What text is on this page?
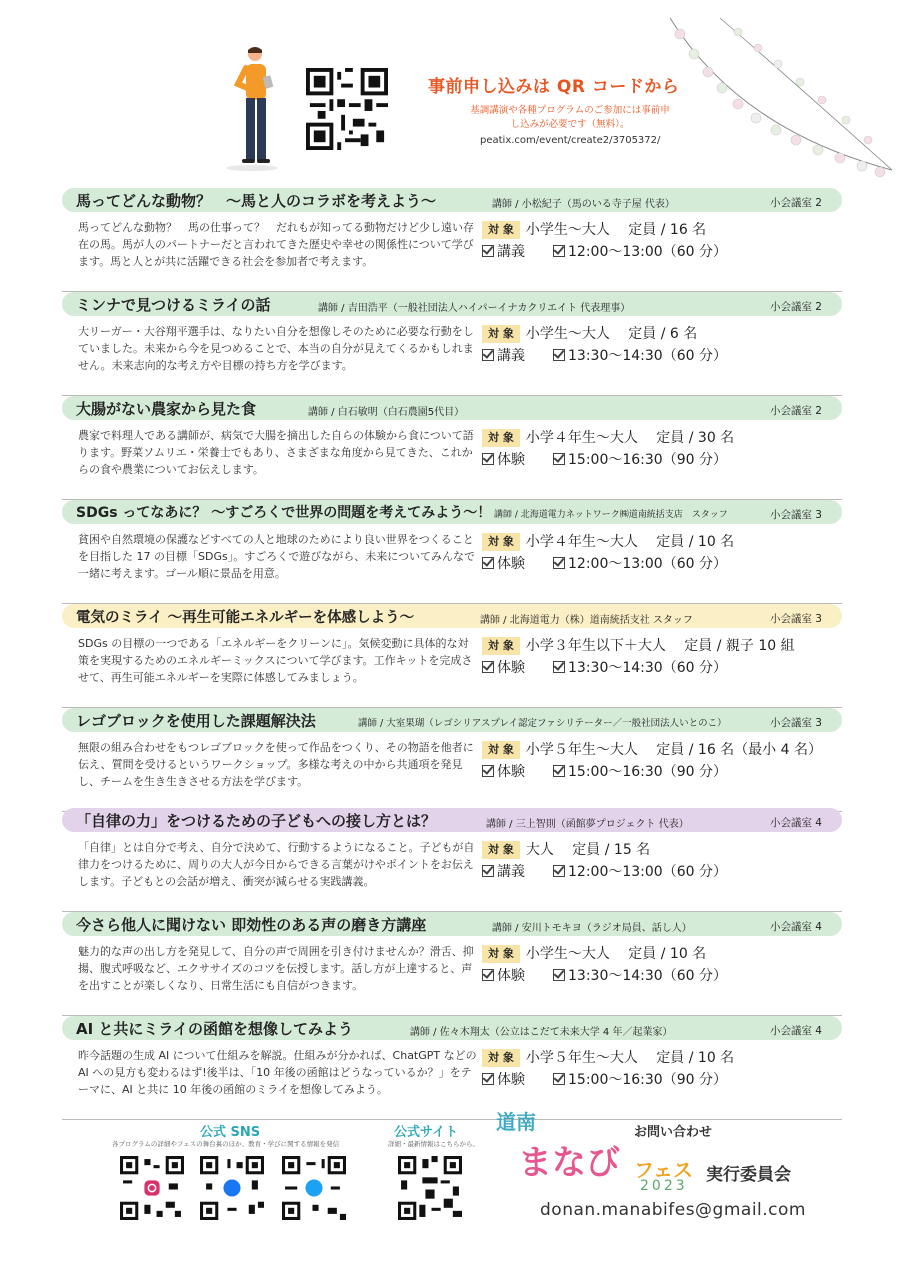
事前申し込みは QR コードから
基調講演や各種プログラムのご参加には事前申し込みが必要です（無料）。
peatix.com/event/create2/3705372/
馬ってどんな動物？　〜馬と人のコラボを考えよう〜	講師 / 小松紀子（馬のいる寺子屋 代表）	小会議室 2
馬ってどんな動物？　馬の仕事って？　だれもが知ってる動物だけど少し遠い存在の馬。馬が人のパートナーだと言われてきた歴史や幸せの関係性について学びます。馬と人とが共に活躍できる社会を参加者で考えます。
対 象 小学生〜大人　 定員 / 16 名
講義	12:00〜13:00（60 分）
ミンナで見つけるミライの話	講師 / 吉田浩平（一般社団法人ハイパーイナカクリエイト 代表理事）	小会議室 2
大リーガー・大谷翔平選手は、なりたい自分を想像しそのために必要な行動をしていました。未来から今を見つめることで、本当の自分が見えてくるかもしれません。未来志向的な考え方や目標の持ち方を学びます。
対 象 小学生〜大人　 定員 / 6 名
講義	13:30〜14:30（60 分）
大腸がない農家から見た食	講師 / 白石敏明（白石農園5代目）	小会議室 2
農家で料理人である講師が、病気で大腸を摘出した自らの体験から食について語ります。野菜ソムリエ・栄養士でもあり、さまざまな角度から見てきた、これからの食や農業についてお伝えします。
対 象 小学４年生〜大人　 定員 / 30 名
体験	15:00〜16:30（90 分）
SDGs ってなあに？ 〜すごろくで世界の問題を考えてみよう〜！ 講師 / 北海道電力ネットワーク㈱道南統括支店　スタッフ	小会議室 3
貧困や自然環境の保護などすべての人と地球のためにより良い世界をつくることを目指した 17 の目標「SDGs」。すごろくで遊びながら、未来についてみんなで一緒に考えます。ゴール順に景品を用意。
対 象 小学４年生〜大人　 定員 / 10 名
体験	12:00〜13:00（60 分）
電気のミライ 〜再生可能エネルギーを体感しよう〜	講師 / 北海道電力（株）道南統括支社 スタッフ	小会議室 3
SDGs の目標の一つである「エネルギーをクリーンに」。気候変動に具体的な対策を実現するためのエネルギーミックスについて学びます。工作キットを完成させて、再生可能エネルギーを実際に体感してみましょう。
対 象 小学３年生以下＋大人　 定員 / 親子 10 組
体験	13:30〜14:30（60 分）
レゴブロックを使用した課題解決法	講師 / 大室果瑚（レゴシリアスプレイ認定ファシリテーター／一般社団法人いとのこ）	小会議室 3
無限の組み合わせをもつレゴブロックを使って作品をつくり、その物語を他者に伝え、質問を受けるというワークショップ。多様な考えの中から共通項を発見し、チームを生き生きさせる方法を学びます。
対 象 小学５年生〜大人　 定員 / 16 名（最小 4 名）
体験	15:00〜16:30（90 分）
「自律の力」をつけるための子どもへの接し方とは？	講師 / 三上智則（函館夢プロジェクト 代表）	小会議室 4
「自律」とは自分で考え、自分で決めて、行動するようになること。子どもが自律力をつけるために、周りの大人が今日からできる言葉がけやポイントをお伝えします。子どもとの会話が増え、衝突が減らせる実践講義。
対 象 大人　 定員 / 15 名
講義	12:00〜13:00（60 分）
今さら他人に聞けない 即効性のある声の磨き方講座	講師 / 安川トモキヨ（ラジオ局員、話し人）	小会議室 4
魅力的な声の出し方を発見して、自分の声で周囲を引き付けませんか？滑舌、抑揚、腹式呼吸など、エクササイズのコツを伝授します。話し方が上達すると、声を出すことが楽しくなり、日常生活にも自信がつきます。
対 象 小学生〜大人　 定員 / 10 名
体験	13:30〜14:30（60 分）
AI と共にミライの函館を想像してみよう	講師 / 佐々木翔太（公立はこだて未来大学 4 年／起業家）	小会議室 4
昨今話題の生成 AI について仕組みを解説。仕組みが分かれば、ChatGPT などの AI への見方も変わるはず!後半は、「10 年後の函館はどうなっているか？」をテーマに、AI と共に 10 年後の函館のミライを想像してみよう。
対 象 小学５年生〜大人　 定員 / 10 名
体験	15:00〜16:30（90 分）
公式 SNS
各プログラムの詳細やフェスの舞台裏のほか、教育・学びに関する情報を発信
公式サイト
詳細・最新情報はこちらから。
道南
まなび フェス
2023
お問い合わせ
実行委員会
donan.manabifes@gmail.com
